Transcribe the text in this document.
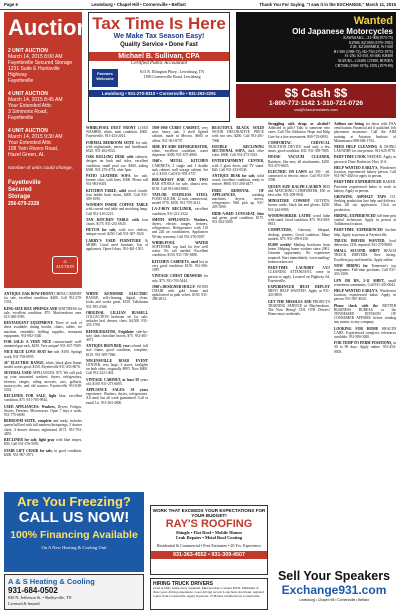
Page 6	Lewisburg • Chapel Hill • Cornersville • Belfast	Thank You For Saying, "I saw it in the EXCHANGE," March 11, 2015
Auctions
2 UNIT AUCTION
March 14, 2015 8:00 AM
Fayetteville Secured Storage
1231 Suite E Huntsville Highway
Fayetteville
4 UNIT AUCTION
March 14, 2015 8:45 AM
Your Extended Attic
3 Simmons Road,
Fayetteville
4 UNIT AUCTION
March 14, 2015 9:30 AM
Your Extended Attic
108 Twin Rivers Road,
Hazel Green, AL
Number of units could change.
Fayetteville
Secured
Storage
256-679-2328
⚖
AUCTION
Tax Time Is Here
We Make Tax Season Easy!
Quality Service • Done Fast
Michael B. Sullivan, CPA
Certified Public Accountant
Farmers Welcome
613 N. Ellington Pkwy., Lewisburg, TN
1390 Cornersville Road, Lewisburg
Lewisburg • 931-270-8310 • Cornersville • 931-293-2291
Wanted
Old Japanese Motorcycles
KAWASAKI— Z1-900(1973-75)
KZ900, KZ1000 (1976-1982)
Z1R, KZ1000MKII, W1-650
H1-500 (1969-72), H2-750 (1972-1975)
S1-250, S2-350, S3-400, KH400
SUZUKI—GS400, GT380, HONDA
CB750K (1969-1976), CBX (1979-80)
$$ Cash $$
1-800-772-1142 1-310-721-0726
usa@classicrunners.com
ANTIQUE OAK BOW-FRONT CHINA CABINET for sale, excellent condition. $400. Call 931-270-1554.
KING-SIZE BOX SPRINGS AND MATTRESS for sale, excellent condition. $75. Murfreesboro area. 615-308-5583.
RESTAURANT EQUIPMENT: Three of each of these available: dining booths, chairs, tables, ice machine, ensemble, holding supplies, restaurant equipment. 931-692-3340.
FOR SALE: A VERY NICE custom-made wall-mounted gun rack, $250. Very unique! 931-637-7009.
NICE BLUE LOVE SEAT for sale, $100. Springs work, 931-703-0095.
26" ELECTRIC RANGE, white, black glass flame, model works good. $150. Fayetteville 931-433-8076.
SEVERAL USED APPLIANCES, $75. We still pick up your unwanted washers, dryers, refrigerators, freezers, ranges, riding mowers, cars, goKarts, motorcycles, and old tractors. Fayetteville 931-638-5434.
RECLINER FOR SALE, light blue, excellent condition, $75. 931-703-9944.
USED APPLIANCES: Washers, Dryers, Fridges, Stoves, Freezers, Microwaves. Open 7 days a week. 931-775-6690.
BEDROOM SUITE, complete and ready, includes queen/full bed with full mattress/boxsprings, 5 drawer chest, 4 drawer dresser, nightstand, $175. 931-703-4855.
RECLINER for sale, light gray with blue stripes, $50. Call 931-276-5093.
STAIR LIFT CHAIR for sale, in good condition, $400. 931-967-3971.
WHITE KENMORE ELECTRIC RANGE, self-cleaning, digital, clean, looks and works great, $150. Tullahoma 931-393-2348.
ORIGINAL LILLIAN RUSSELL COLLECTION bedroom set for sale: includes bed, dresser, chest. $4,500. 931-433-1780.
REFRIGERATOR, Frigidaire side-by-side, dark chocolate brown, $75. 931-461-4071.
ANTIQUE IRON BED, rose colored, full size frame, good condition, complete, $125. 931-309-7060.
NOLENSVILLE ROAD EVENT CENTER, very large, 3 stores, fairlights on both sides, originally $995. Now $400. Call 931-222-1402.
VINTAGE CABINET, at least 50 years old, $100. 931-273-6695.
APPLIANCE SALES: 30 years experience. Washers, dryers, refrigerators. All used, but all work guaranteed. Call or email 1st. 931-363-4900.
1950-1960 CURIO CABINET, very nice, heavy oak, 3 shelf lighted cabinet, made in Mexico. $600 or offers. 931-361-8737.
SIDE BY SIDE REFRIGERATOR, white, excellent condition, water dispenser, $300. 931-675-4860.
1940's METAL KITCHEN CABINETS, 2 single and 1 double sink cabinet, wall storage cabinet. Set of 4, $150. Call 931-993-3737.
BREAKFAST BAR AND TWO BAR STOOLS for sale, almost new, $150. Call 931-684-8843.
TAYLOR STAINLESS STEEL FOOD SLICER, 12 inch, commercial, model 3770. $100. 931-759-4141.
LA-Z-BOY RECLINER, excellent condition, 931-212-2322.
SMITH APPLIANCE: Washers, dryers, electric ranges, freezers, refrigerators. Refrigerators with 110 and 220 air conditioners. Appliances 90-day warranty. Call 931-276-5007.
WHIRLPOOL WATER SOFTENER, top load for free well water. No salt needed. Excellent condition. $150. 931-729-3888.
KITCHEN CABINETS, used but in very good condition. $150. 931-306-1987.
VINTAGE CHEST DRAWERS for sale, $75. 931-703-5444.
1960's DESIGNER HOLLY- WOOD CHAIR with gold frame and upholstered in pink velvet. $150. 931-388-2812.
BEAUTIFUL BLACK SOLID WOOD DECORATIVE PIECE with two sets, $200. Call 931-201-7060.
DOUBLE RECLINING SECTIONAL SOFA, dark olive color, $600. Call 931-273-5525.
ENTERTAINMENT CENTER, with 2 glass doors and TV stand. $40. Call 931-433-0543.
ANTIQUE DESK for sale, solid wood, excellent condition, ready to restore. $900. 931-200-4477.
FREE REMOVAL OF APPLIANCES, washing machines, dryers, stoves, refrigerators. Will pick up. 931-205-5500.
HIDE-A-BED LOVESEAT, blue and green, good condition, $175. 931-654-5050.
Struggling with drugs or alcohol? Addicted to pills? Talk to someone who cares. Call The Addiction Hope and Help Line for a free assessment. 800-723-0093.
COMFORTAC CERVICAL TRACTION DEVICE used only a few times, good condition. $35. 931-359-7005.
HOUSE VACUUM CLEANER, Rainbow, like new, all attachments. $250. 931-675-8823.
ELECTRIC ON LAWN aid 350 - all, connected to electric fence. Call 931-359-5590.
QUEEN SIZE RALPH LAUREN BED and MATCHING COMFORTER, $50 or best offer. 931-209-9041.
MINIATURE COWBOY OUTFITS, brown suede, black hat and gloves. $250. 931-244-0909.
WOODWORKER LATHE wood lathe with stand. Good condition. $75. 931-684-8813.
COMPUTERS, Gateway, Ideapad, desktop, printers. Good condition. Many models. $75. 931-359-6150.
$5,000 weekly! Mailing brochures from home. Helping home workers since 2001. Genuine opportunity. No experience required. Start immediately. www.mailing-homeworkers.net
PART-TIME LAUNDRY AND CLEANING ATTENDANT, come in person to apply. Located on Highway 64, Fayetteville.
EXPERIENCED HEAT DEPLOY MENT HELP WANTED. Apply at 931-433-8050.
GET THE MISSILES AND PROJECTS TRAINING SERVICE in Murfreesboro. The Now Hiring! CDL OTR Drivers! Home most weekends.
Airlines are hiring for those with FAA certification. Financial aid if qualified. Job placement assistance. Call the AIM training at Aviation Institute of Maintenance 888-686-1704.
NEED HELP CLEANING & DOING LAUNDRY for one person. 931-625-8776.
PART-TIME COOK NEEDED. Apply in person at Dixie Barbecue, Hwy 31A.
HELP WANTED EARLY'S, Winchester location, experienced bakery person. Call 931-967-4020 or apply in person.
PART-TIME EXPERIENCED BAKER. Part-time experienced baker to work in bakery. Apply in person.
GROWING ASPHALT TAPS CO. Seeking production line help and delivery. Must fill out application. Click on production.
HIRING, EXPERIENCED full-time pest control technician. Apply in person at Tullahoma location.
PART-TIME EXPERIENCED kitchen help. Apply in person at Fayetteville.
TRUCK DRIVER WANTED, local deliveries, CDL required. 931-270-8000.
SMALL SECOND SHIFT REACH TRUCK DRIVERS. Now hiring. Excellent pay and benefits. Apply online.
NOW HIRING for Tennessee's top companies. Full-time positions. Call 931-433-2300.
LPN OR RN, 2-11 SHIFT, small retirement community. Call 931-433-0043.
HELP WANTED EARLY'S, Winchester location, experienced baker. Apply in person. 931-967-4020.
Please check with the BETTER BUSINESS BUREAU or the TENNESSEE DIVISION OF CONSUMER AFFAIRS before sending any money to any company.
LOOKING FOR HOME HEALTH CARE. Experienced caregiver, references available. 931-580-3020.
FOR TEMP TO PERM POSITIONS, in 30 to 90 days. Apply online. 931-454-0003.
WHIRLPOOL DUET FRONT LOAD WASHER, white, mint condition. $300. Fayetteville, 931-433-2014.
FORMAL BEDROOM SUITE for sale, with nightstands, mirror and headboard. $525. 931-202-8521.
OAK ROLLING DESK with cabinets, designs on back and sides, excellent condition, small pool cue. $400, asking $300. 931-270-4753, after 5pm.
PATIO LEATHER SOFA for sale, bronze color, with lines. $300. Please call 931-693-8401.
KITCHEN TABLE, solid wood, fourth, four ladder back chairs, $200. Call 931-309-1090.
WOODEN INSIDE COFFEE TABLE with curved end table and matching lamp. Call 931-210-2215.
TAN KITCHEN TABLE with four chairs. $175. 931-231-0025.
HUTCH for sale, with two shelves, antique wood. $250. Call 931-307-1020.
LARRY'S USED FURNITURE & MORE: Good used furniture, lots of appliances. Open 6 days. 931-461-1501.
WORK THAT EXCEEDS YOUR EXPECTATIONS FOR YOUR BUDGET!
RAY'S ROOFING
Shingle • Flat Roof • Mobile Homes
Leak Repairs • Metal Roof Coating
Residential & Commercial • Free Estimates • 20 Yrs. Experience
931-363-4552 • 931-309-4507
Are You Freezing?
CALL US NOW!
100% Financing Available
On A New Heating & Cooling Unit
A & S Heating & Cooling
931-684-0502
830 N. Jefferson St. • Shelbyville, TN
Licensed & Insured
Sell Your Speakers
Exchange931.com
Lewisburg • Chapel Hill • Cornersville • Belfast
HIRING TRUCK DRIVERS
Class A CDL, home every weekend. Must provide a current MVR. Minimum of three years driving experience. Good driving record. Long haul, short haul, regional routes from Cornersville. Apply in person. 1538 New Ostelle Road, Cornersville.
